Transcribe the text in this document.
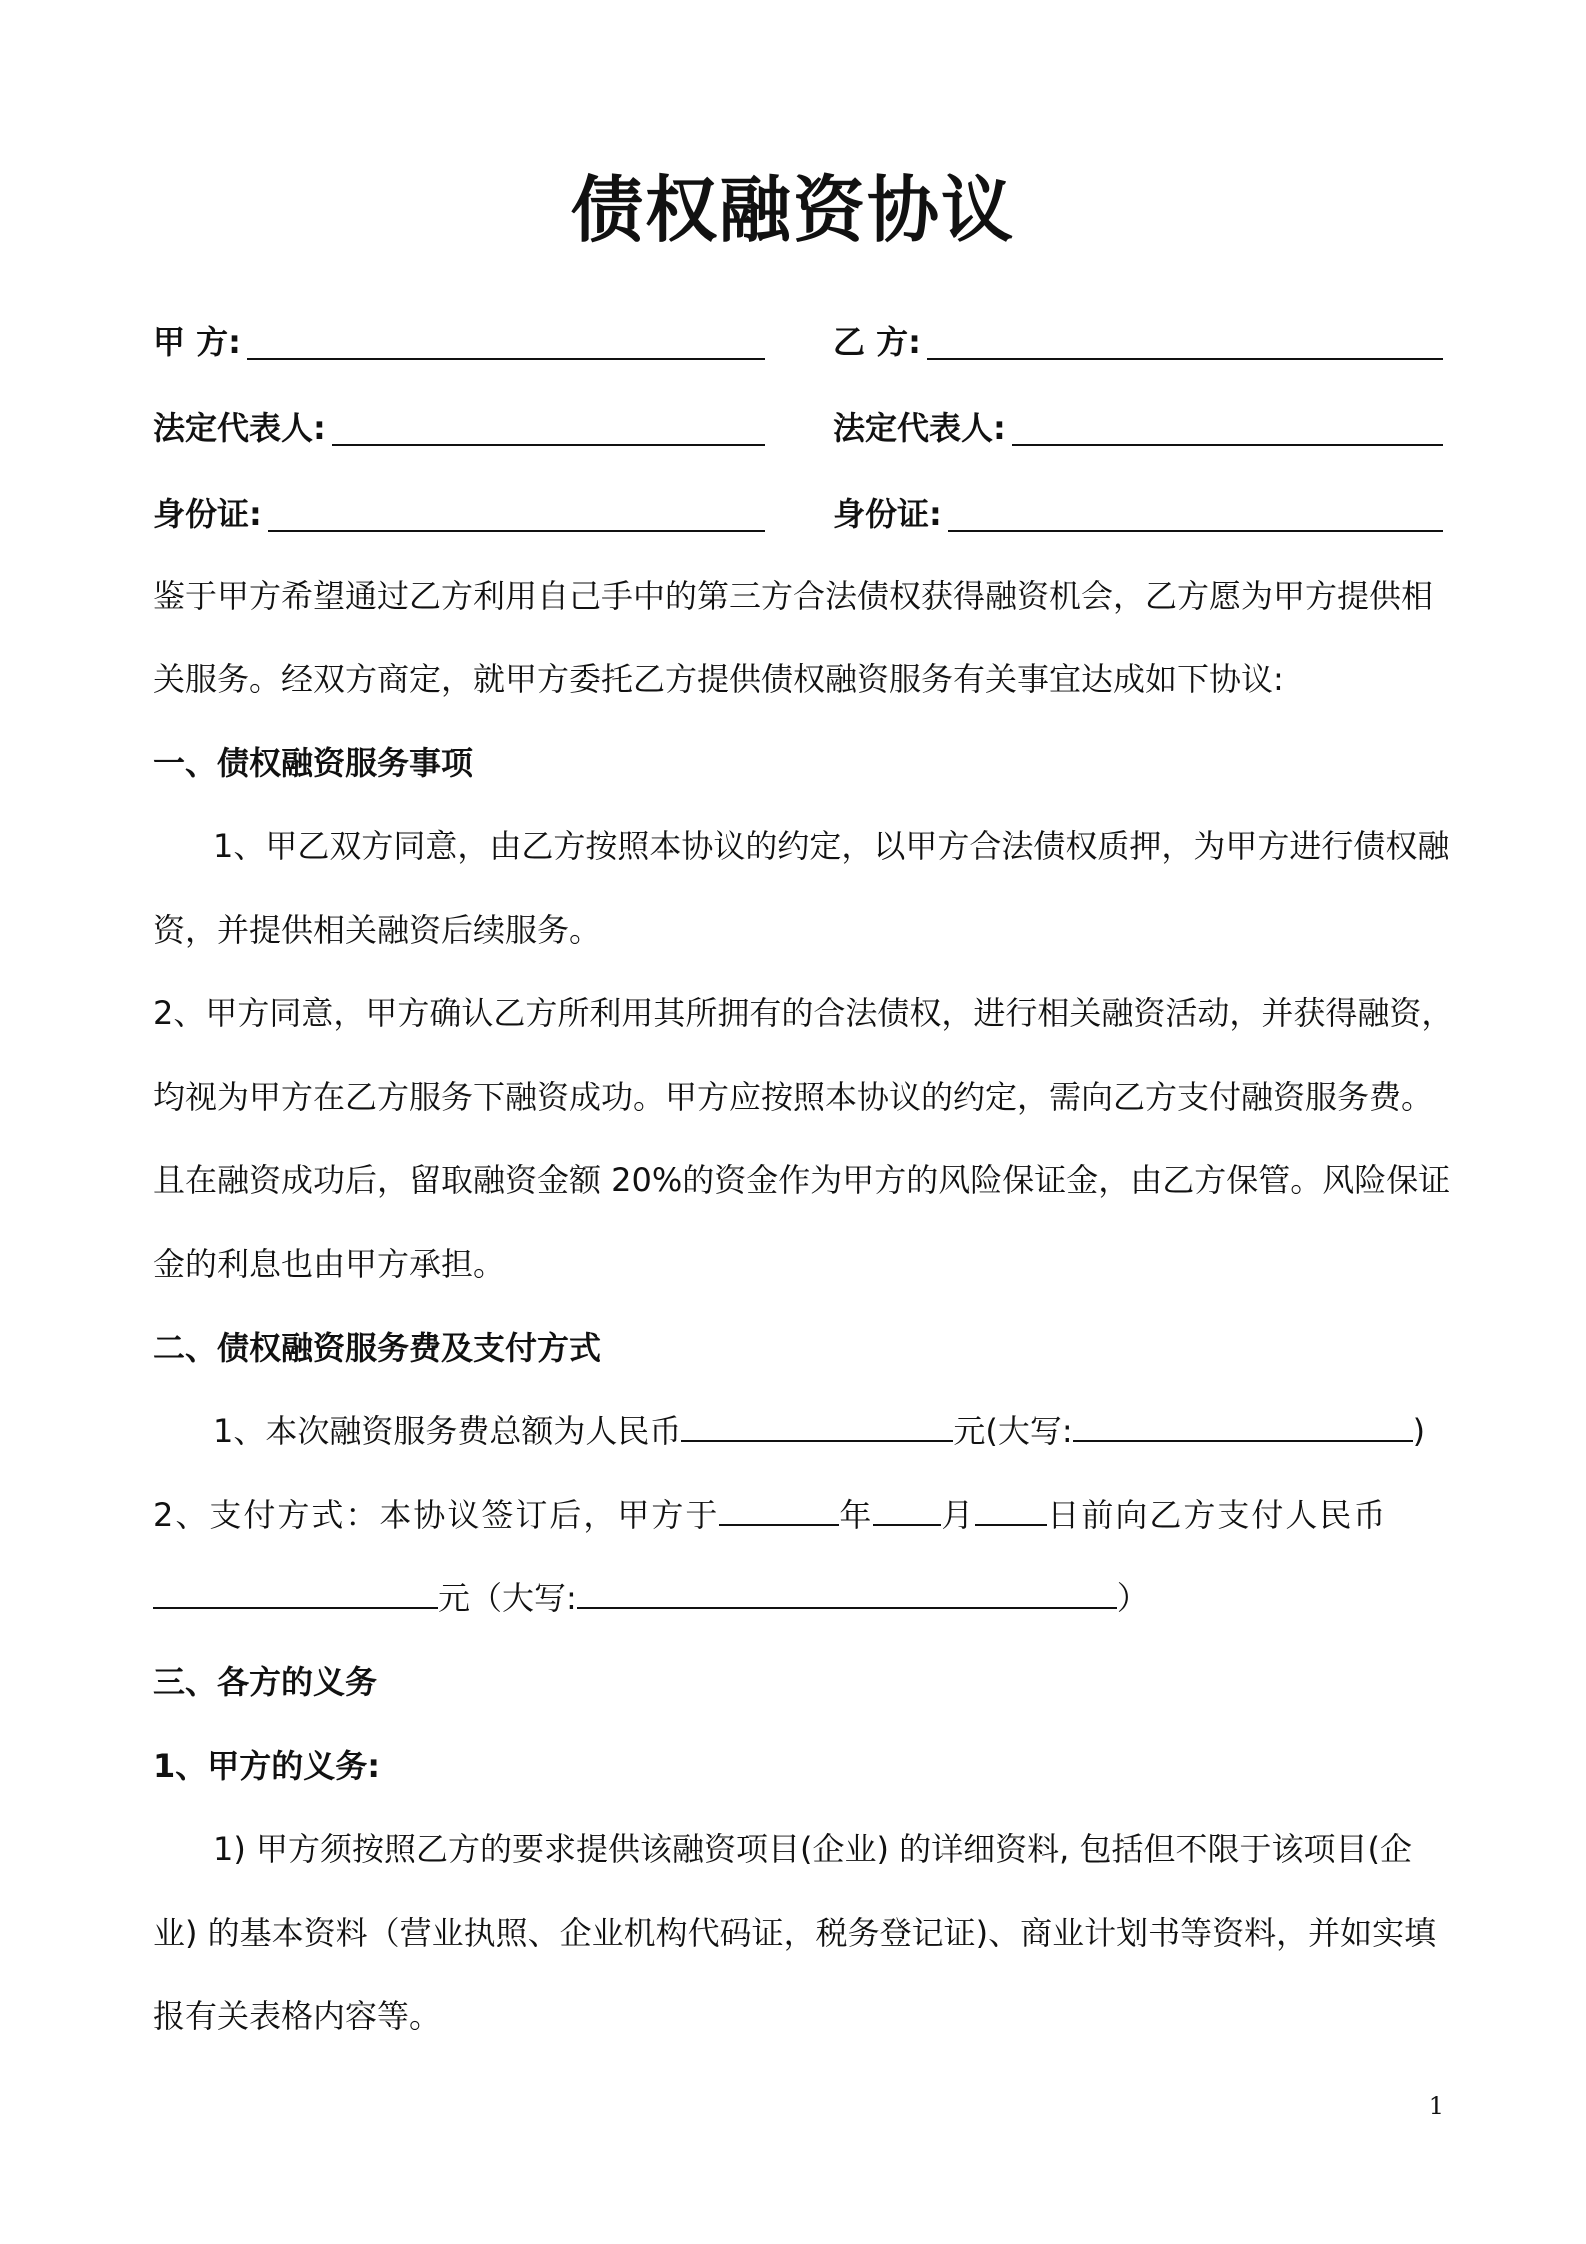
债权融资协议
甲 方:	乙 方:
法定代表人:	法定代表人:
身份证:	身份证:
鉴于甲方希望通过乙方利用自己手中的第三方合法债权获得融资机会，乙方愿为甲方提供相
关服务。经双方商定，就甲方委托乙方提供债权融资服务有关事宜达成如下协议:
一、债权融资服务事项
1、甲乙双方同意，由乙方按照本协议的约定，以甲方合法债权质押，为甲方进行债权融
资，并提供相关融资后续服务。
2、甲方同意，甲方确认乙方所利用其所拥有的合法债权，进行相关融资活动，并获得融资，
均视为甲方在乙方服务下融资成功。甲方应按照本协议的约定，需向乙方支付融资服务费。
且在融资成功后，留取融资金额 20%的资金作为甲方的风险保证金，由乙方保管。风险保证
金的利息也由甲方承担。
二、债权融资服务费及支付方式
1、本次融资服务费总额为人民币	元(大写:	)
2、支付方式：本协议签订后，甲方于	年 月 日前向乙方支付人民币
元（大写:	）
三、各方的义务
1、甲方的义务:
1) 甲方须按照乙方的要求提供该融资项目(企业) 的详细资料, 包括但不限于该项目(企
业) 的基本资料（营业执照、企业机构代码证，税务登记证)、商业计划书等资料，并如实填
报有关表格内容等。
1
